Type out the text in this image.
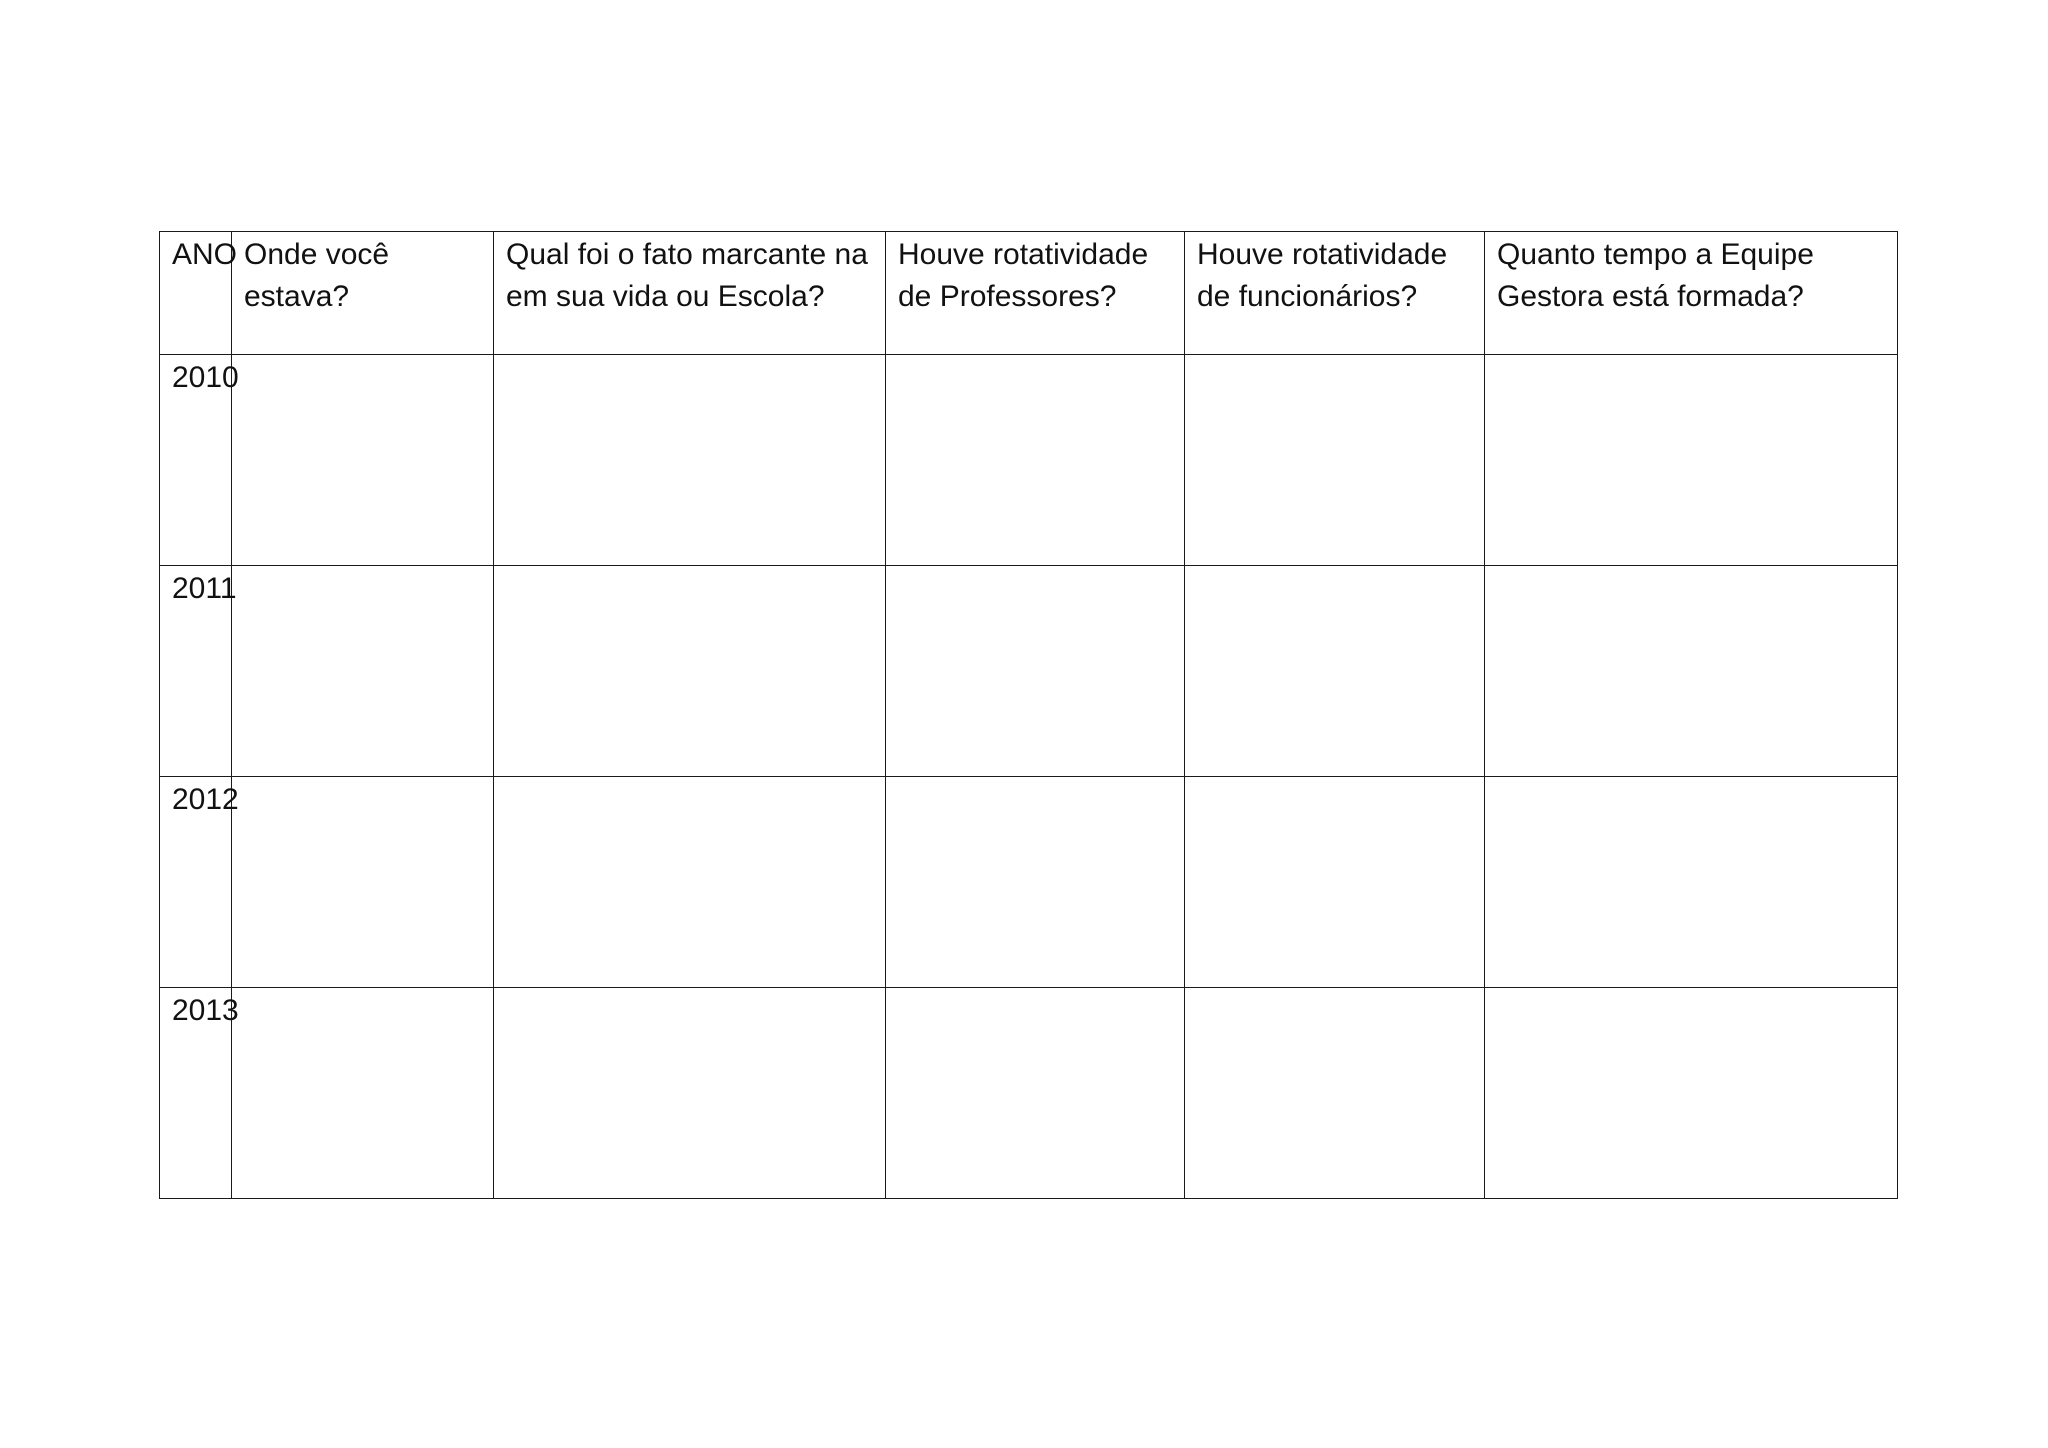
ANO	Onde você estava?	Qual foi o fato marcante na em sua vida ou Escola?	Houve rotatividade de Professores?	Houve rotatividade de funcionários?	Quanto tempo a Equipe Gestora está formada?
2010					
2011					
2012					
2013					
